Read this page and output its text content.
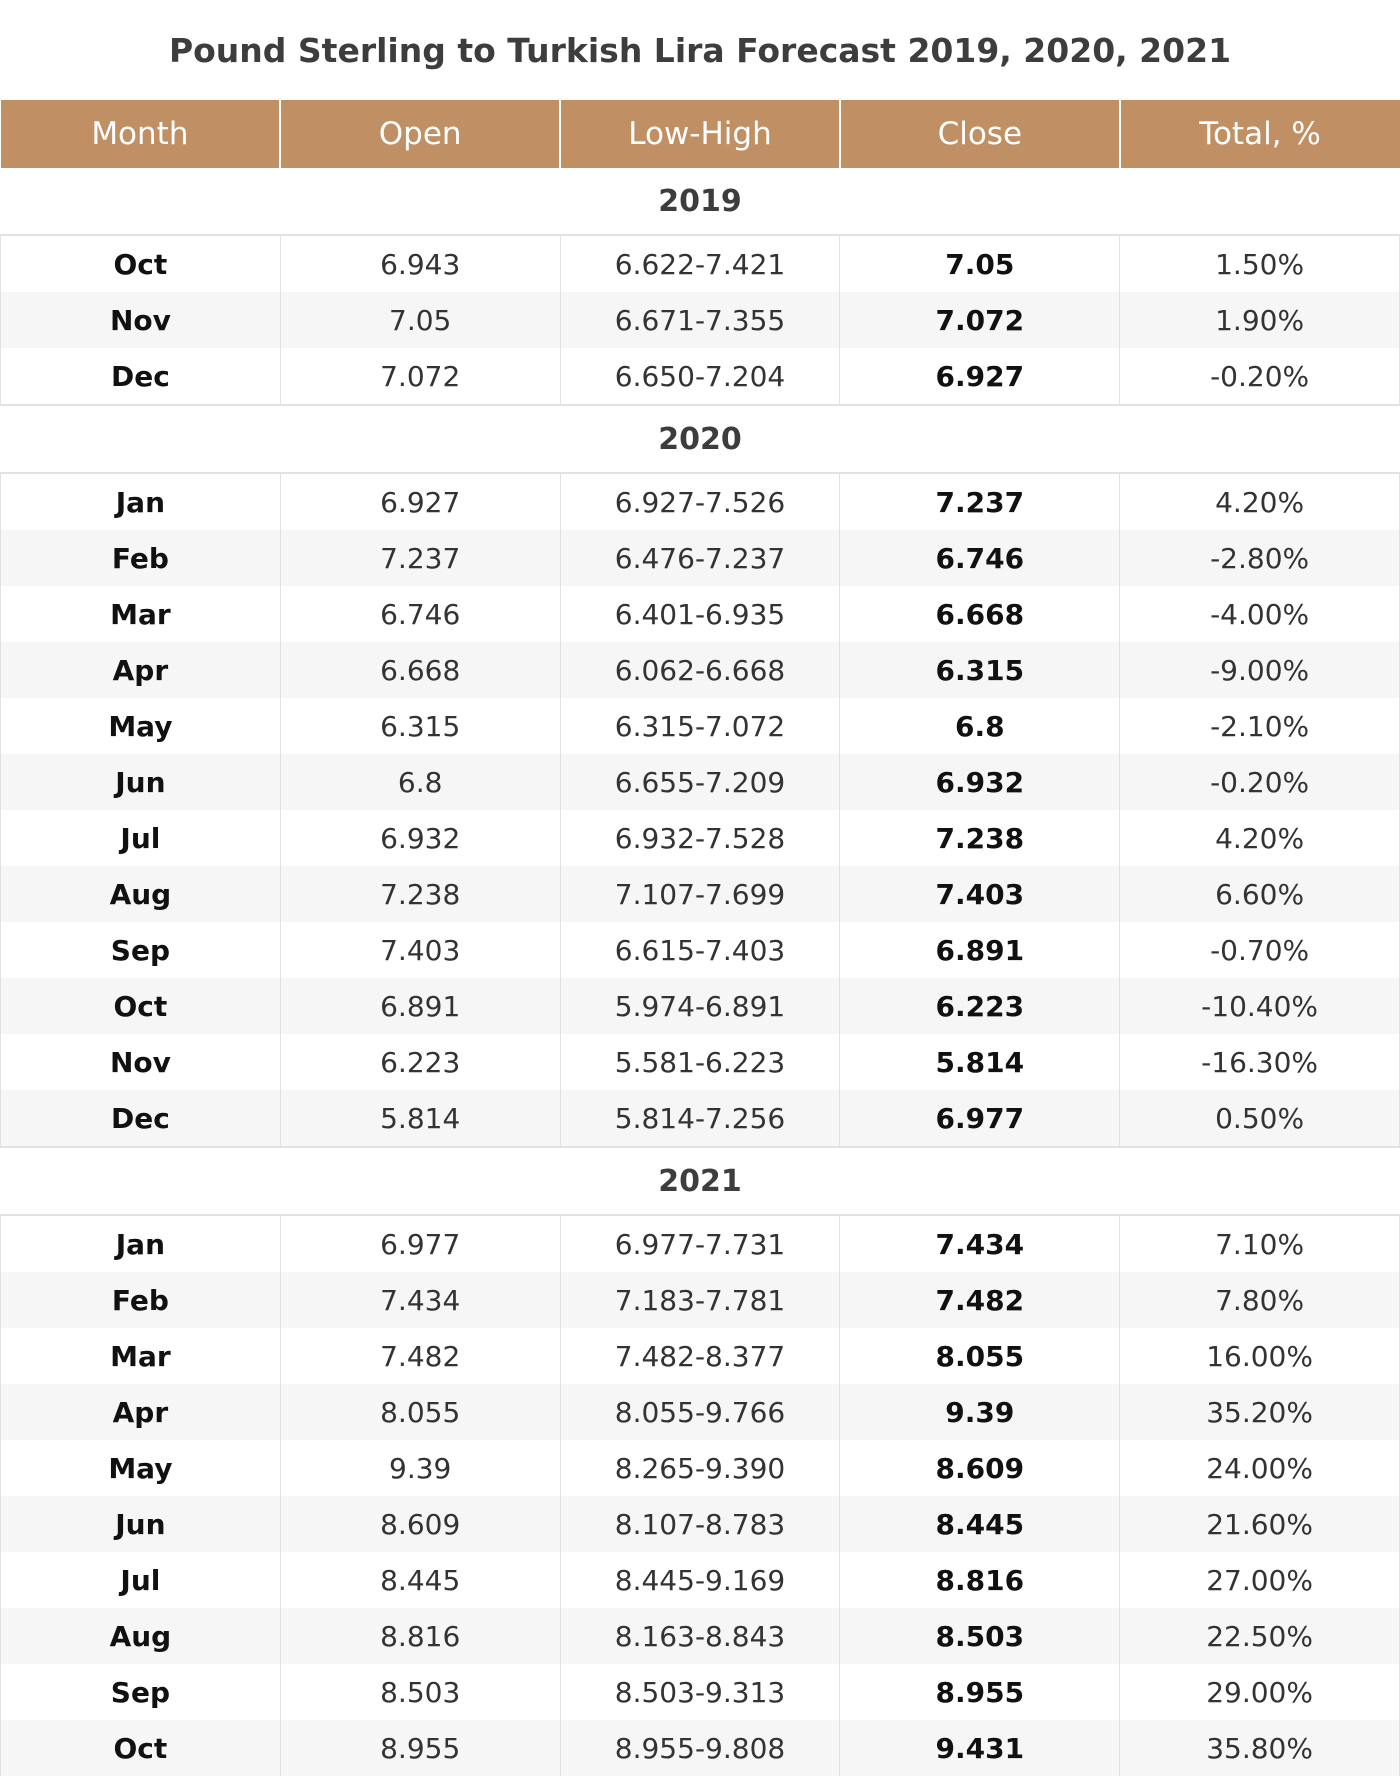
Pound Sterling to Turkish Lira Forecast 2019, 2020, 2021
Month	Open	Low-High	Close	Total, %
2019				
Oct	6.943	6.622-7.421	7.05	1.50%
Nov	7.05	6.671-7.355	7.072	1.90%
Dec	7.072	6.650-7.204	6.927	-0.20%
2020				
Jan	6.927	6.927-7.526	7.237	4.20%
Feb	7.237	6.476-7.237	6.746	-2.80%
Mar	6.746	6.401-6.935	6.668	-4.00%
Apr	6.668	6.062-6.668	6.315	-9.00%
May	6.315	6.315-7.072	6.8	-2.10%
Jun	6.8	6.655-7.209	6.932	-0.20%
Jul	6.932	6.932-7.528	7.238	4.20%
Aug	7.238	7.107-7.699	7.403	6.60%
Sep	7.403	6.615-7.403	6.891	-0.70%
Oct	6.891	5.974-6.891	6.223	-10.40%
Nov	6.223	5.581-6.223	5.814	-16.30%
Dec	5.814	5.814-7.256	6.977	0.50%
2021				
Jan	6.977	6.977-7.731	7.434	7.10%
Feb	7.434	7.183-7.781	7.482	7.80%
Mar	7.482	7.482-8.377	8.055	16.00%
Apr	8.055	8.055-9.766	9.39	35.20%
May	9.39	8.265-9.390	8.609	24.00%
Jun	8.609	8.107-8.783	8.445	21.60%
Jul	8.445	8.445-9.169	8.816	27.00%
Aug	8.816	8.163-8.843	8.503	22.50%
Sep	8.503	8.503-9.313	8.955	29.00%
Oct	8.955	8.955-9.808	9.431	35.80%
